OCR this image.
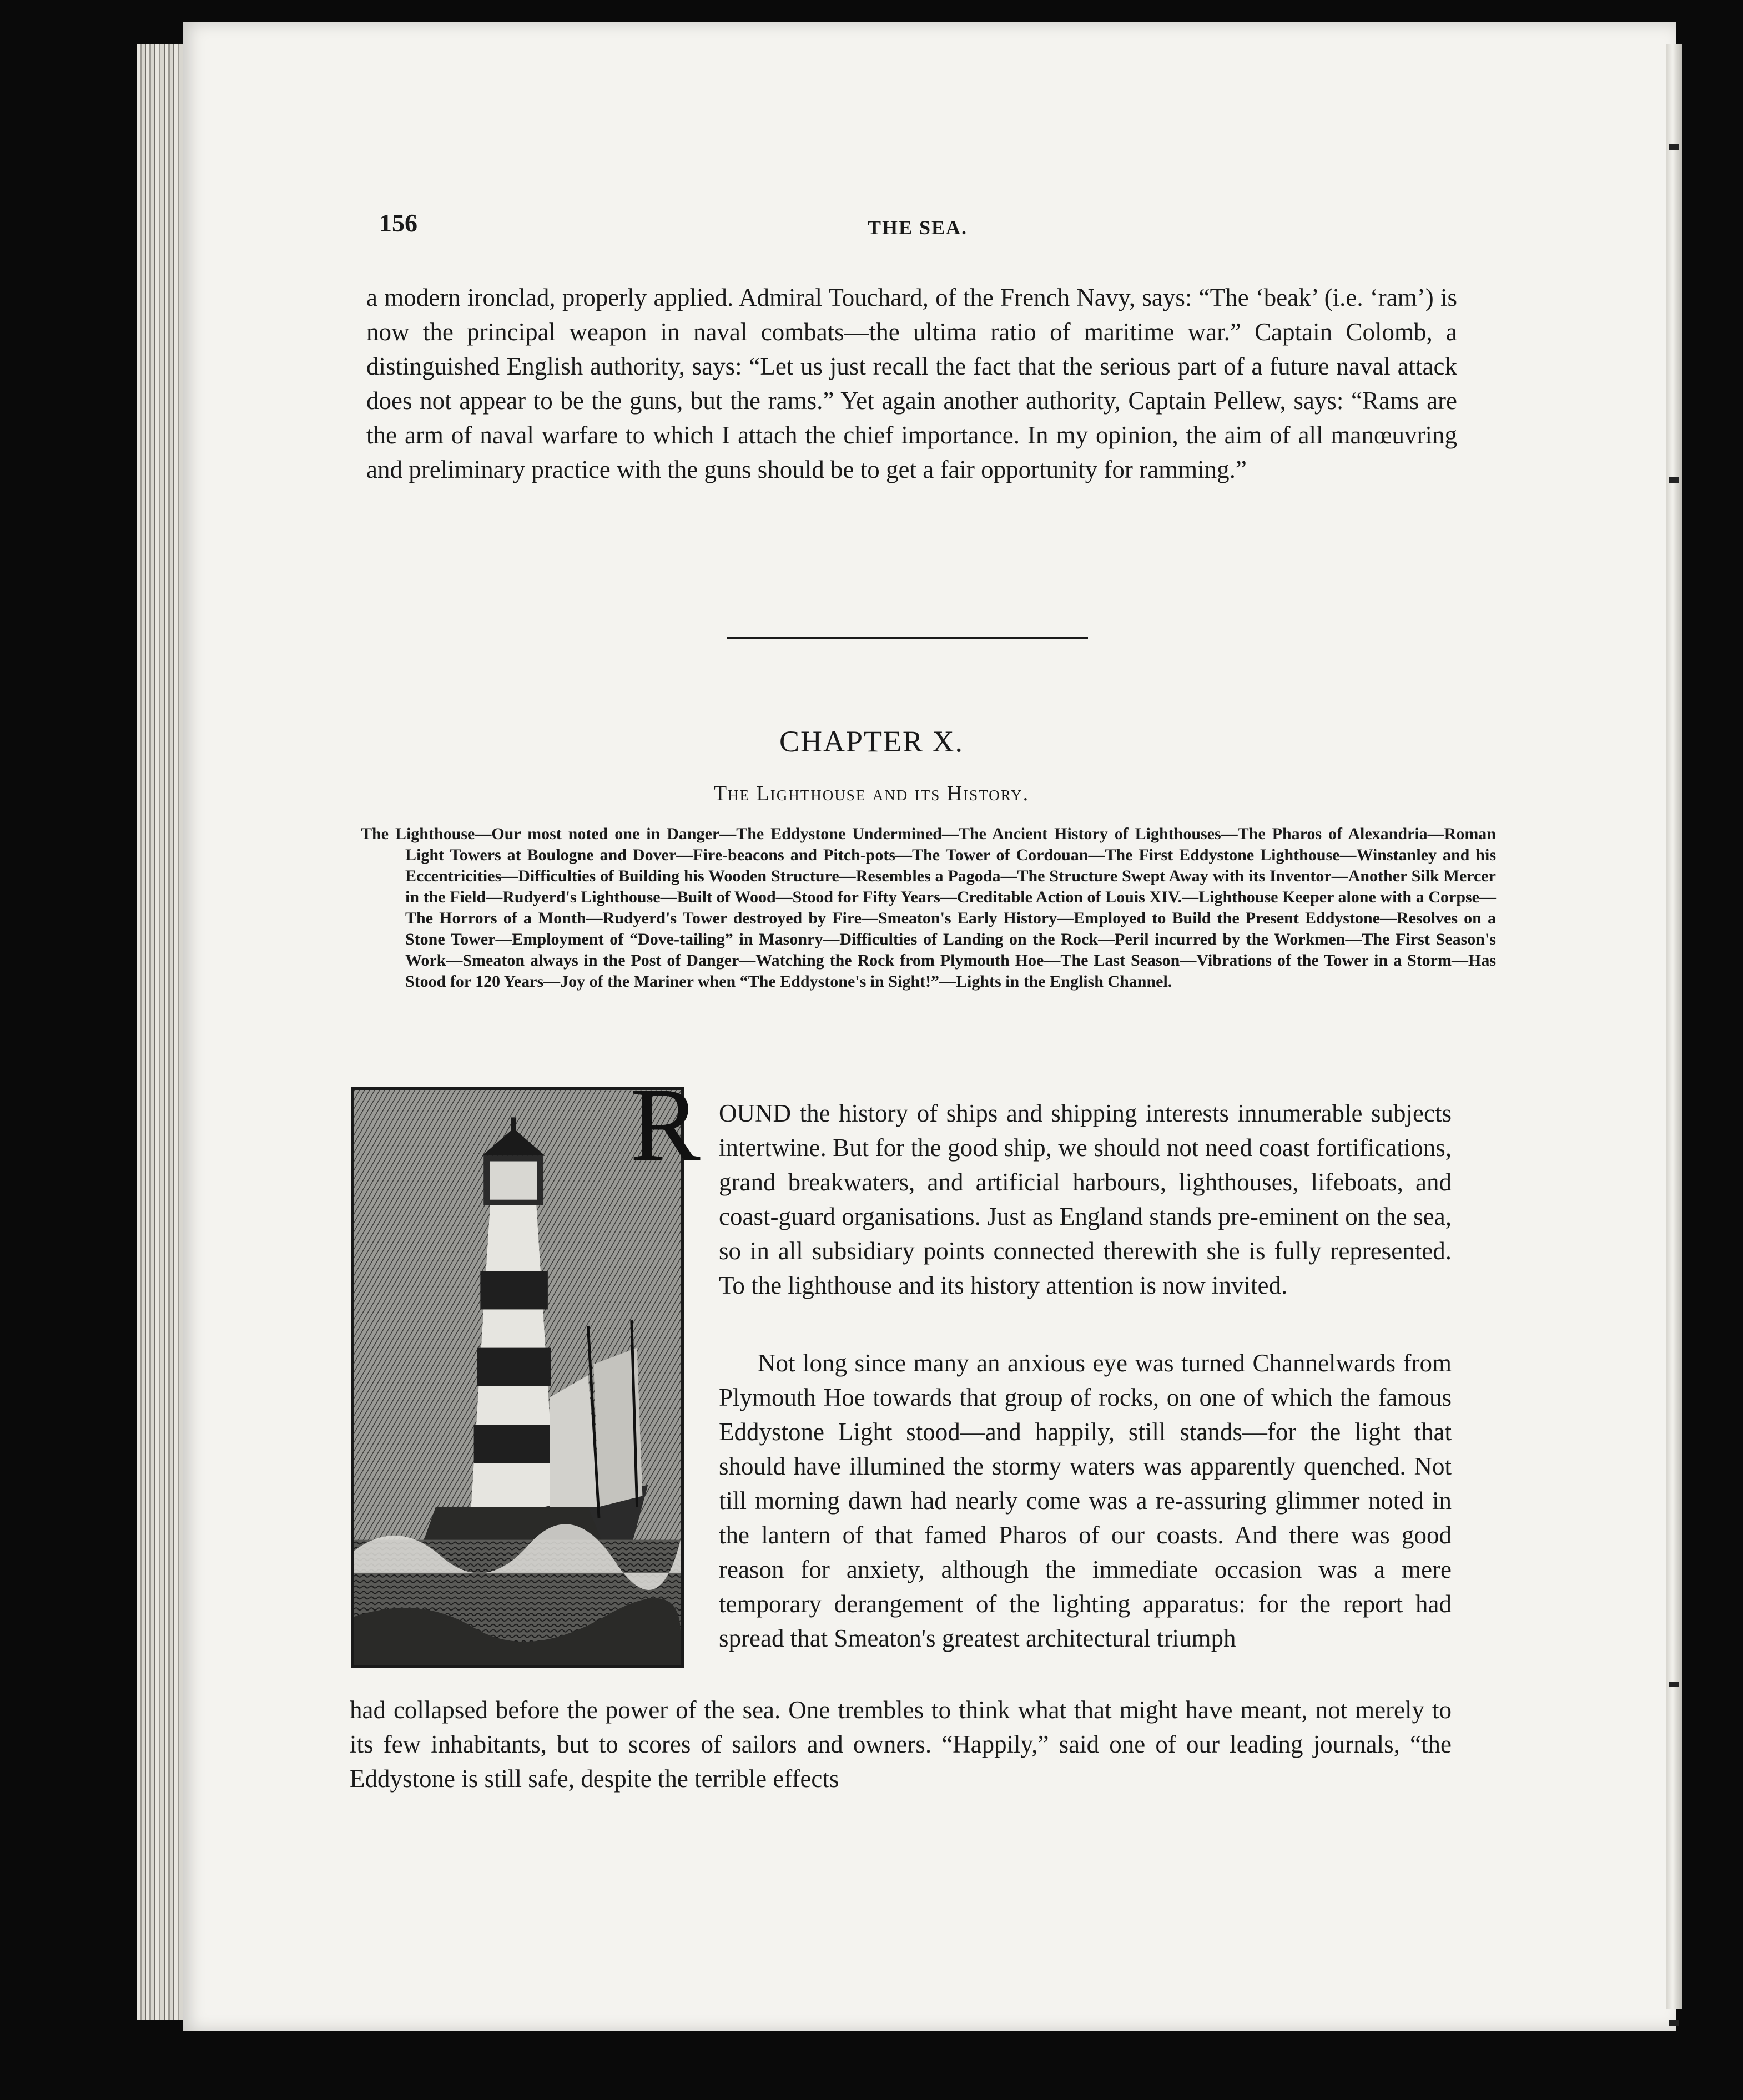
156	THE SEA.

a modern ironclad, properly applied. Admiral Touchard, of the French Navy, says: “The ‘beak’ (i.e. ‘ram’) is now the principal weapon in naval combats—the ultima ratio of maritime war.” Captain Colomb, a distinguished English authority, says: “Let us just recall the fact that the serious part of a future naval attack does not appear to be the guns, but the rams.” Yet again another authority, Captain Pellew, says: “Rams are the arm of naval warfare to which I attach the chief importance. In my opinion, the aim of all manœuvring and preliminary practice with the guns should be to get a fair opportunity for ramming.”

CHAPTER X.
The Lighthouse and its History.

The Lighthouse—Our most noted one in Danger—The Eddystone Undermined—The Ancient History of Lighthouses—The Pharos of Alexandria—Roman Light Towers at Boulogne and Dover—Fire-beacons and Pitch-pots—The Tower of Cordouan—The First Eddystone Lighthouse—Winstanley and his Eccentricities—Difficulties of Building his Wooden Structure—Resembles a Pagoda—The Structure Swept Away with its Inventor—Another Silk Mercer in the Field—Rudyerd's Lighthouse—Built of Wood—Stood for Fifty Years—Creditable Action of Louis XIV.—Lighthouse Keeper alone with a Corpse—The Horrors of a Month—Rudyerd's Tower destroyed by Fire—Smeaton's Early History—Employed to Build the Present Eddystone—Resolves on a Stone Tower—Employment of “Dove-tailing” in Masonry—Difficulties of Landing on the Rock—Peril incurred by the Workmen—The First Season's Work—Smeaton always in the Post of Danger—Watching the Rock from Plymouth Hoe—The Last Season—Vibrations of the Tower in a Storm—Has Stood for 120 Years—Joy of the Mariner when “The Eddystone's in Sight!”—Lights in the English Channel.

R OUND the history of ships and shipping interests innumerable subjects intertwine. But for the good ship, we should not need coast fortifications, grand breakwaters, and artificial harbours, lighthouses, lifeboats, and coast-guard organisations. Just as England stands pre-eminent on the sea, so in all subsidiary points connected therewith she is fully represented. To the lighthouse and its history attention is now invited.

Not long since many an anxious eye was turned Channelwards from Plymouth Hoe towards that group of rocks, on one of which the famous Eddystone Light stood—and happily, still stands—for the light that should have illumined the stormy waters was apparently quenched. Not till morning dawn had nearly come was a re-assuring glimmer noted in the lantern of that famed Pharos of our coasts. And there was good reason for anxiety, although the immediate occasion was a mere temporary derangement of the lighting apparatus: for the report had spread that Smeaton's greatest architectural triumph

had collapsed before the power of the sea. One trembles to think what that might have meant, not merely to its few inhabitants, but to scores of sailors and owners. “Happily,” said one of our leading journals, “the Eddystone is still safe, despite the terrible effects
